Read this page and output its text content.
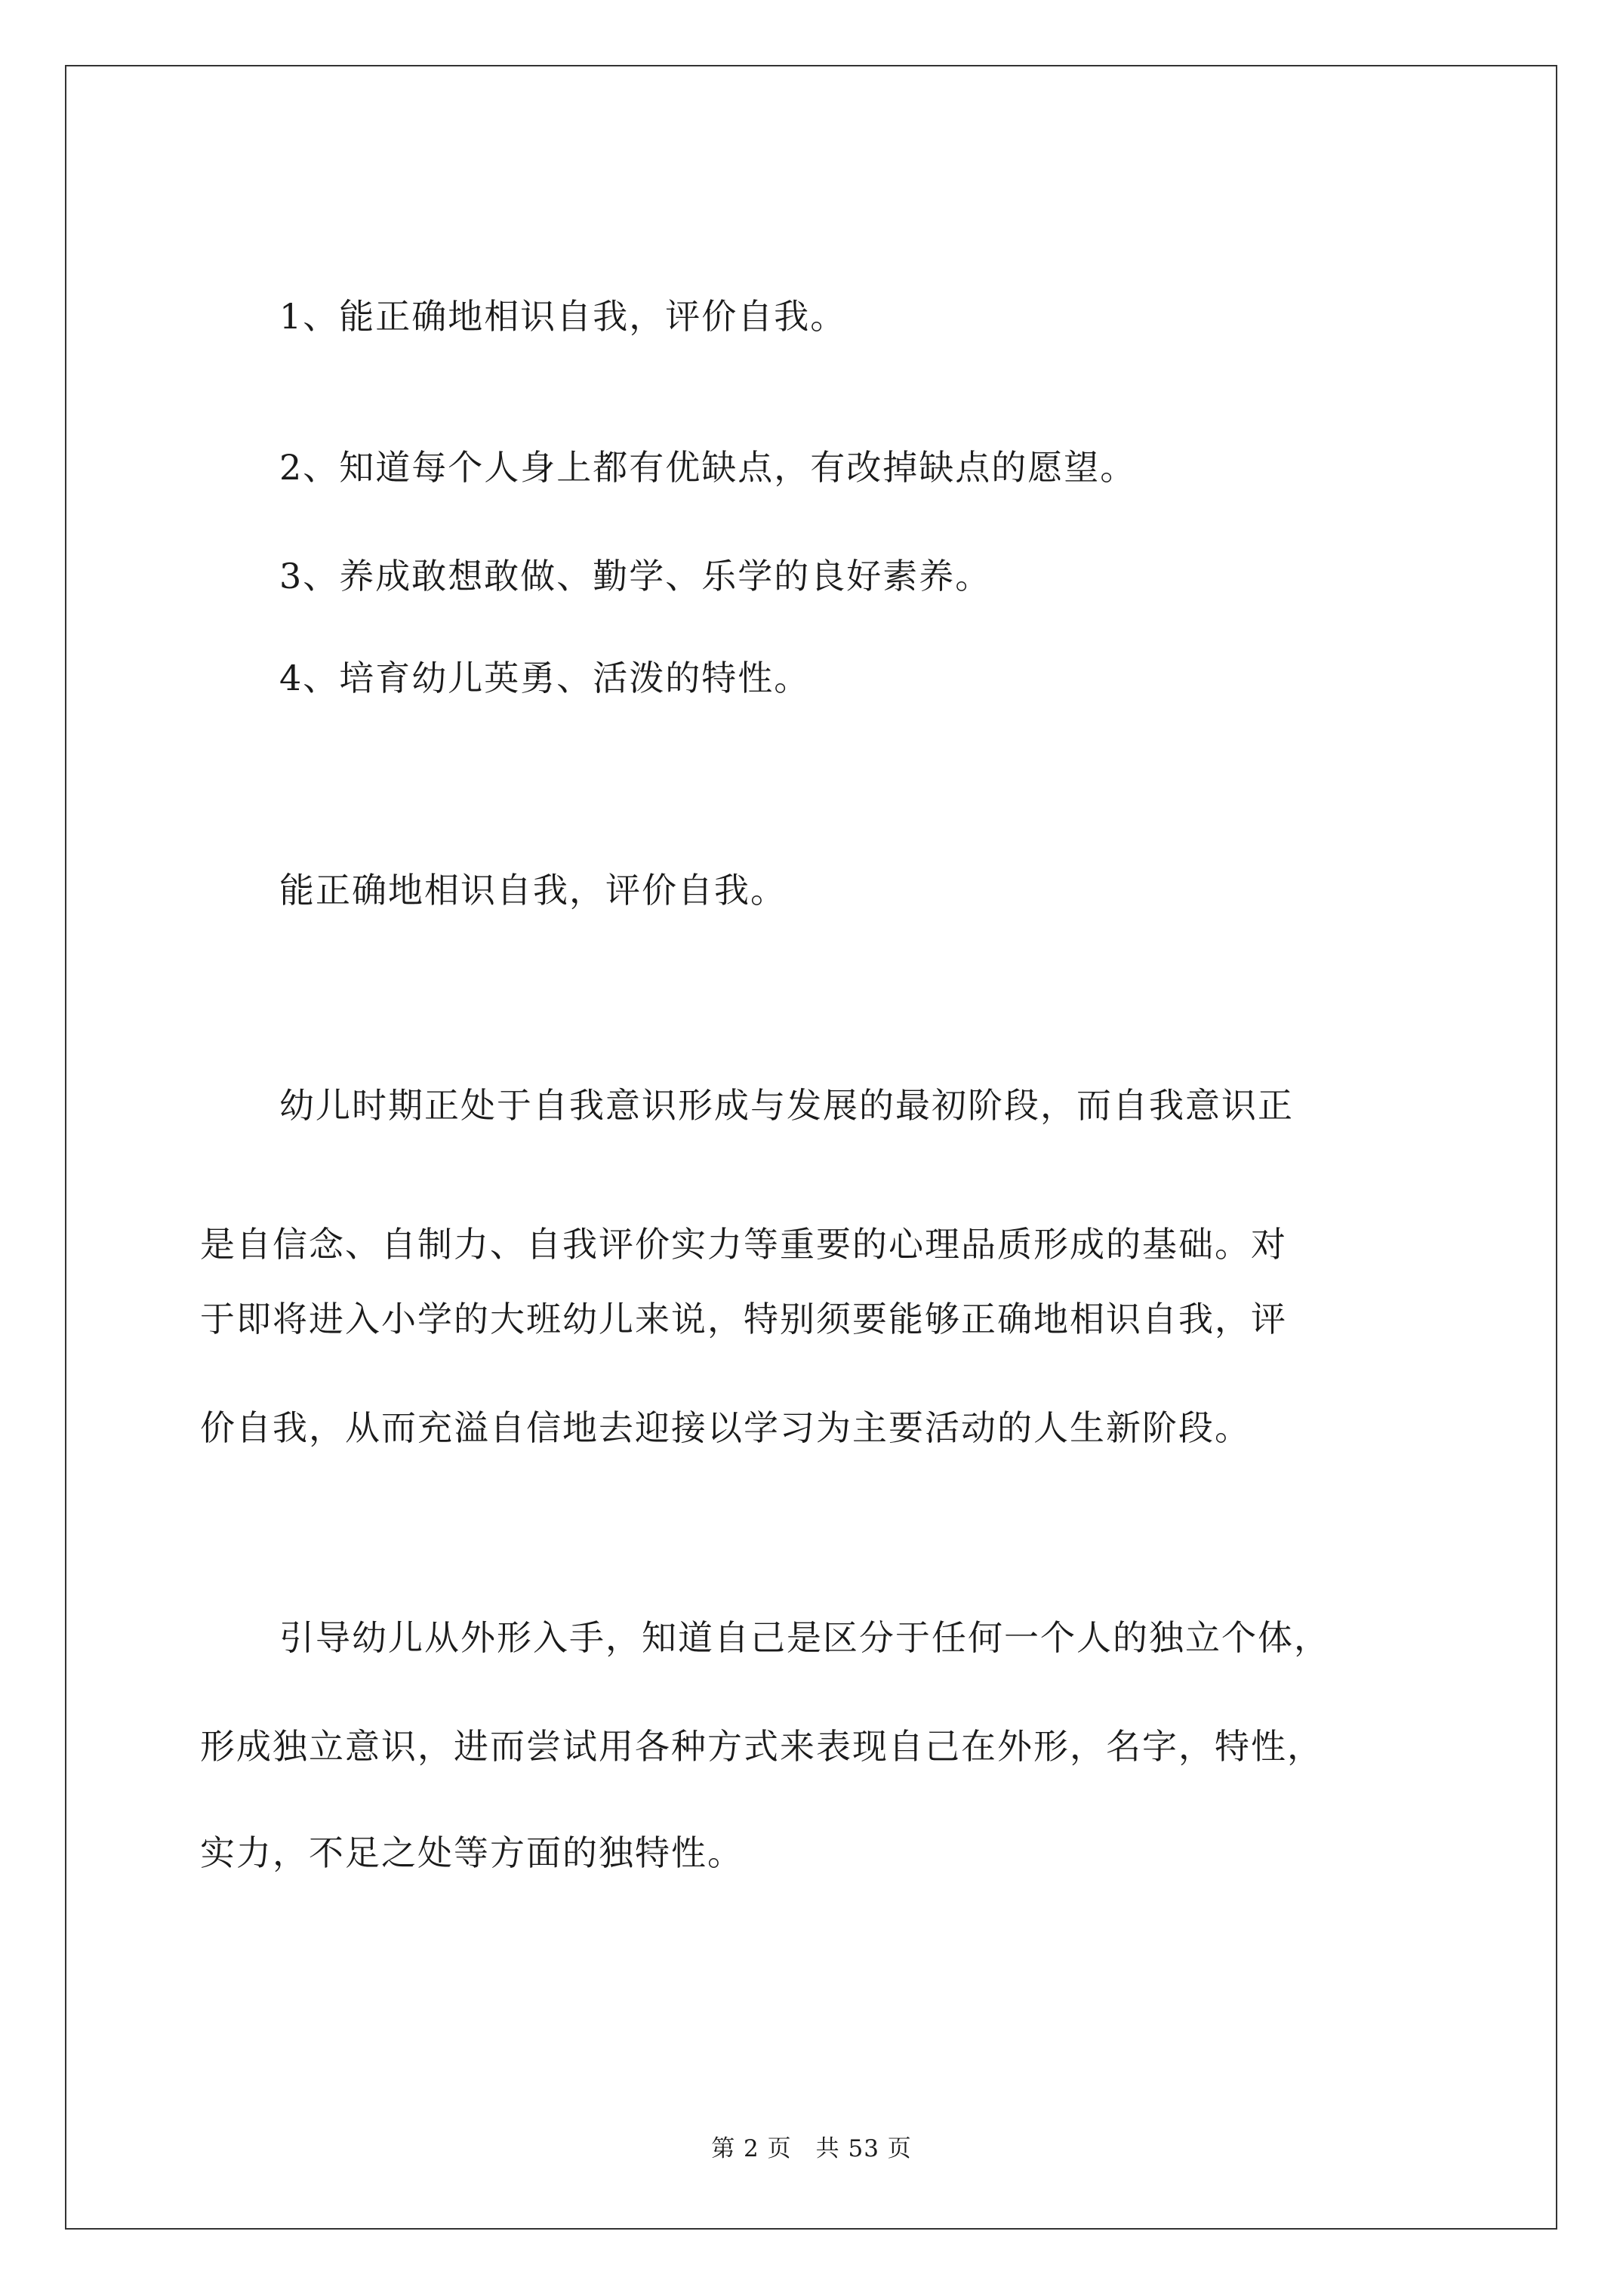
1、能正确地相识自我，评价自我。

2、知道每个人身上都有优缺点，有改掉缺点的愿望。

3、养成敢想敢做、勤学、乐学的良好素养。

4、培育幼儿英勇、活泼的特性。

能正确地相识自我，评价自我。

幼儿时期正处于自我意识形成与发展的最初阶段，而自我意识正

是自信念、自制力、自我评价实力等重要的心理品质形成的基础。对

于即将进入小学的大班幼儿来说，特别须要能够正确地相识自我，评

价自我，从而充溢自信地去迎接以学习为主要活动的人生新阶段。

引导幼儿从外形入手，知道自己是区分于任何一个人的独立个体，

形成独立意识，进而尝试用各种方式来表现自己在外形，名字，特性，

实力，不足之处等方面的独特性。

第 2 页　共 53 页
